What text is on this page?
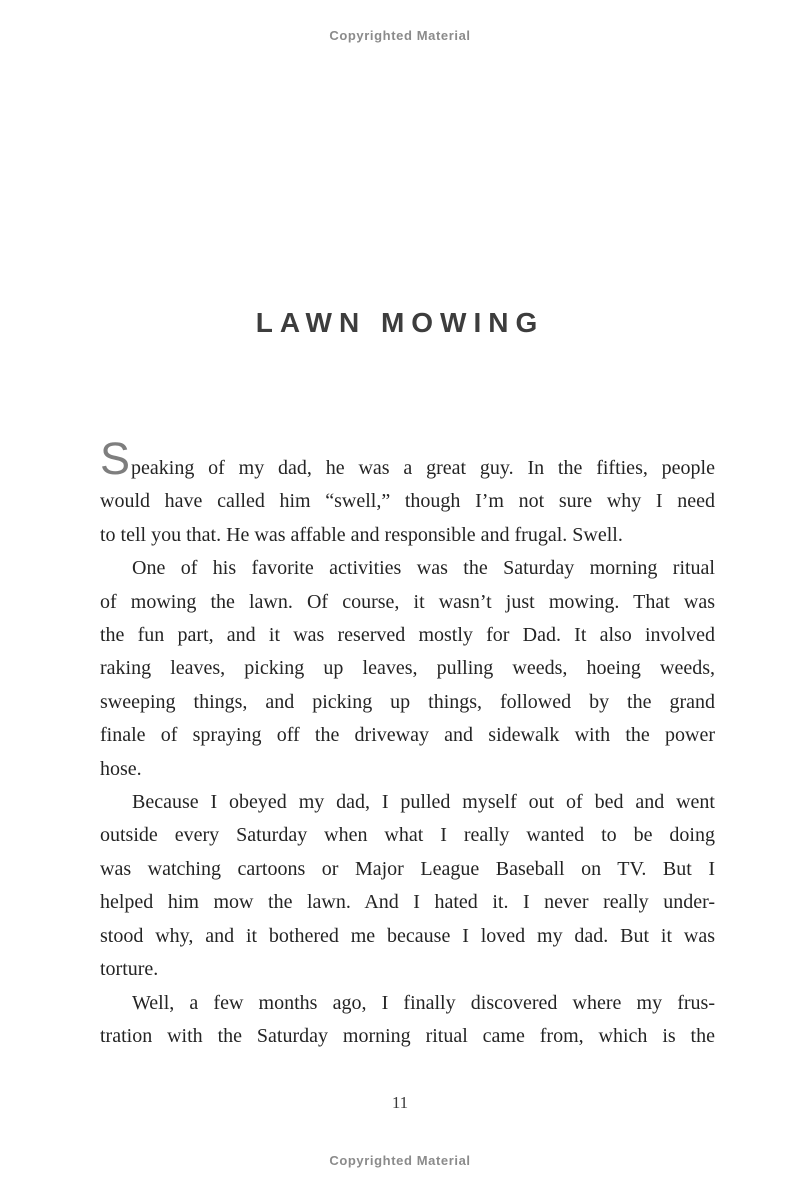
Copyrighted Material
LAWN MOWING
Speaking of my dad, he was a great guy. In the fifties, people
would have called him “swell,” though I’m not sure why I need
to tell you that. He was affable and responsible and frugal. Swell.
One of his favorite activities was the Saturday morning ritual
of mowing the lawn. Of course, it wasn’t just mowing. That was
the fun part, and it was reserved mostly for Dad. It also involved
raking leaves, picking up leaves, pulling weeds, hoeing weeds,
sweeping things, and picking up things, followed by the grand
finale of spraying off the driveway and sidewalk with the power
hose.
Because I obeyed my dad, I pulled myself out of bed and went
outside every Saturday when what I really wanted to be doing
was watching cartoons or Major League Baseball on TV. But I
helped him mow the lawn. And I hated it. I never really under-
stood why, and it bothered me because I loved my dad. But it was
torture.
Well, a few months ago, I finally discovered where my frus-
tration with the Saturday morning ritual came from, which is the
11
Copyrighted Material
